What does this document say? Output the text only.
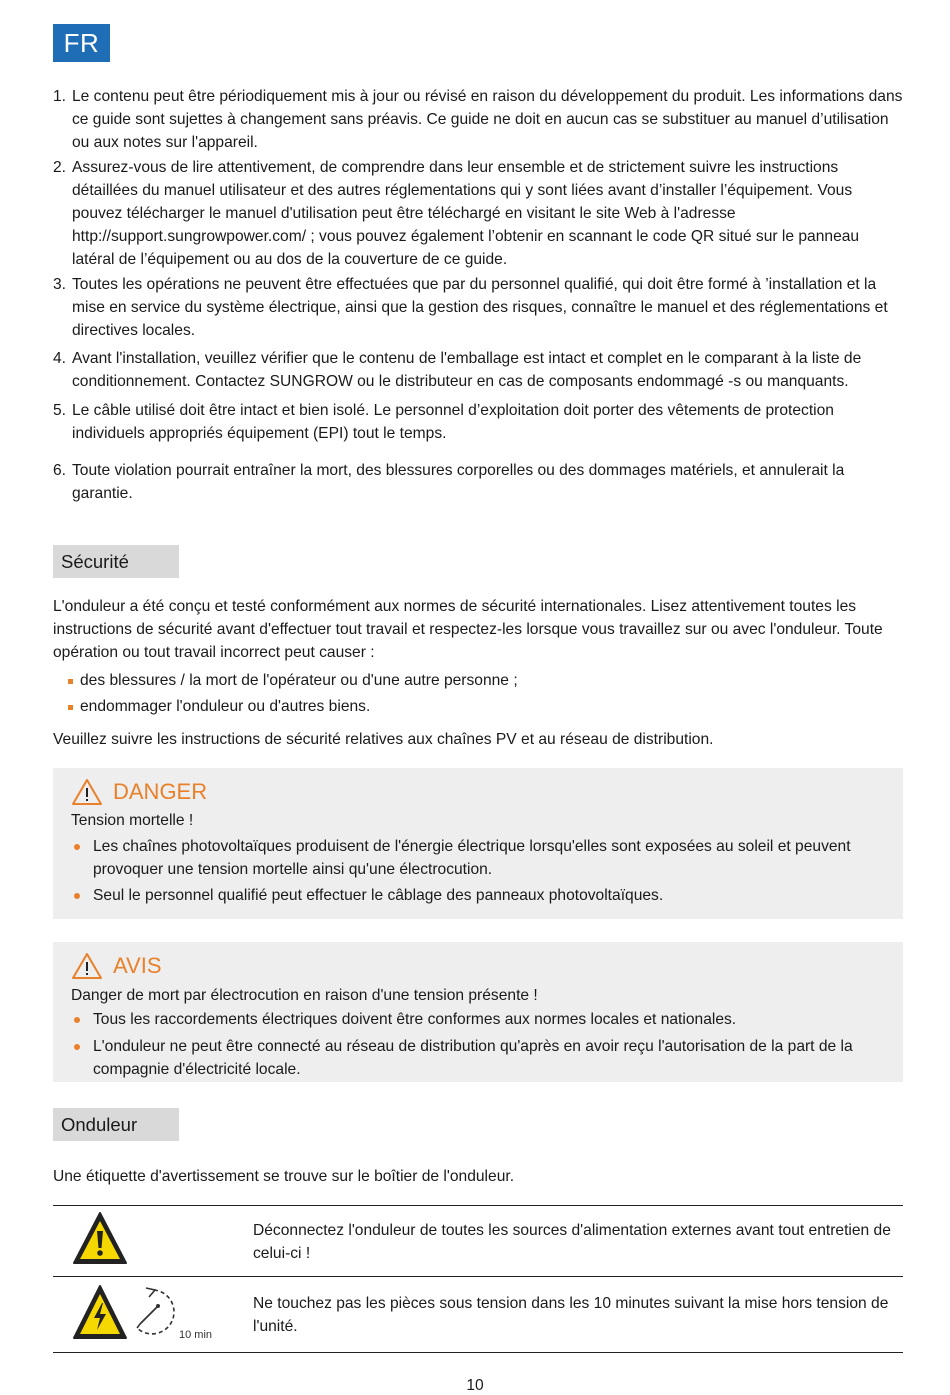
FR
1. Le contenu peut être périodiquement mis à jour ou révisé en raison du développement du produit. Les informations dans ce guide sont sujettes à changement sans préavis. Ce guide ne doit en aucun cas se substituer au manuel d’utilisation ou aux notes sur l'appareil.
2. Assurez-vous de lire attentivement, de comprendre dans leur ensemble et de strictement suivre les instructions détaillées du manuel utilisateur et des autres réglementations qui y sont liées avant d’installer l’équipement. Vous pouvez télécharger le manuel d'utilisation peut être téléchargé en visitant le site Web à l'adresse http://support.sungrowpower.com/ ; vous pouvez également l’obtenir en scannant le code QR situé sur le panneau latéral de l’équipement ou au dos de la couverture de ce guide.
3. Toutes les opérations ne peuvent être effectuées que par du personnel qualifié, qui doit être formé à ’installation et la mise en service du système électrique, ainsi que la gestion des risques, connaître le manuel et des réglementations et directives locales.
4. Avant l'installation, veuillez vérifier que le contenu de l'emballage est intact et complet en le comparant à la liste de conditionnement. Contactez SUNGROW ou le distributeur en cas de composants endommagé -s ou manquants.
5. Le câble utilisé doit être intact et bien isolé. Le personnel d’exploitation doit porter des vêtements de protection individuels appropriés équipement (EPI) tout le temps.
6. Toute violation pourrait entraîner la mort, des blessures corporelles ou des dommages matériels, et annulerait la garantie.
Sécurité
L'onduleur a été conçu et testé conformément aux normes de sécurité internationales. Lisez attentivement toutes les instructions de sécurité avant d'effectuer tout travail et respectez-les lorsque vous travaillez sur ou avec l'onduleur. Toute opération ou tout travail incorrect peut causer :
des blessures / la mort de l'opérateur ou d'une autre personne ;
endommager l'onduleur ou d'autres biens.
Veuillez suivre les instructions de sécurité relatives aux chaînes PV et au réseau de distribution.
DANGER
Tension mortelle !
Les chaînes photovoltaïques produisent de l'énergie électrique lorsqu'elles sont exposées au soleil et peuvent provoquer une tension mortelle ainsi qu'une électrocution.
Seul le personnel qualifié peut effectuer le câblage des panneaux photovoltaïques.
AVIS
Danger de mort par électrocution en raison d'une tension présente !
Tous les raccordements électriques doivent être conformes aux normes locales et nationales.
L'onduleur ne peut être connecté au réseau de distribution qu'après en avoir reçu l'autorisation de la part de la compagnie d'électricité locale.
Onduleur
Une étiquette d'avertissement se trouve sur le boîtier de l'onduleur.
Déconnectez l'onduleur de toutes les sources d'alimentation externes avant tout entretien de celui-ci !
10 min
Ne touchez pas les pièces sous tension dans les 10 minutes suivant la mise hors tension de l'unité.
10
